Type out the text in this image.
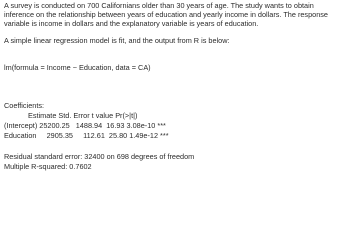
A survey is conducted on 700 Californians older than 30 years of age. The study wants to obtain
inference on the relationship between years of education and yearly income in dollars. The response
variable is income in dollars and the explanatory variable is years of education.

A simple linear regression model is fit, and the output from R is below:

lm(formula = Income ~ Education, data = CA)

Coefficients:

Estimate Std. Error t value Pr(>|t|)

(Intercept) 25200.25   1488.94  16.93 3.08e-10 ***

Education     2905.35     112.61  25.80 1.49e-12 ***

Residual standard error: 32400 on 698 degrees of freedom

Multiple R-squared: 0.7602
